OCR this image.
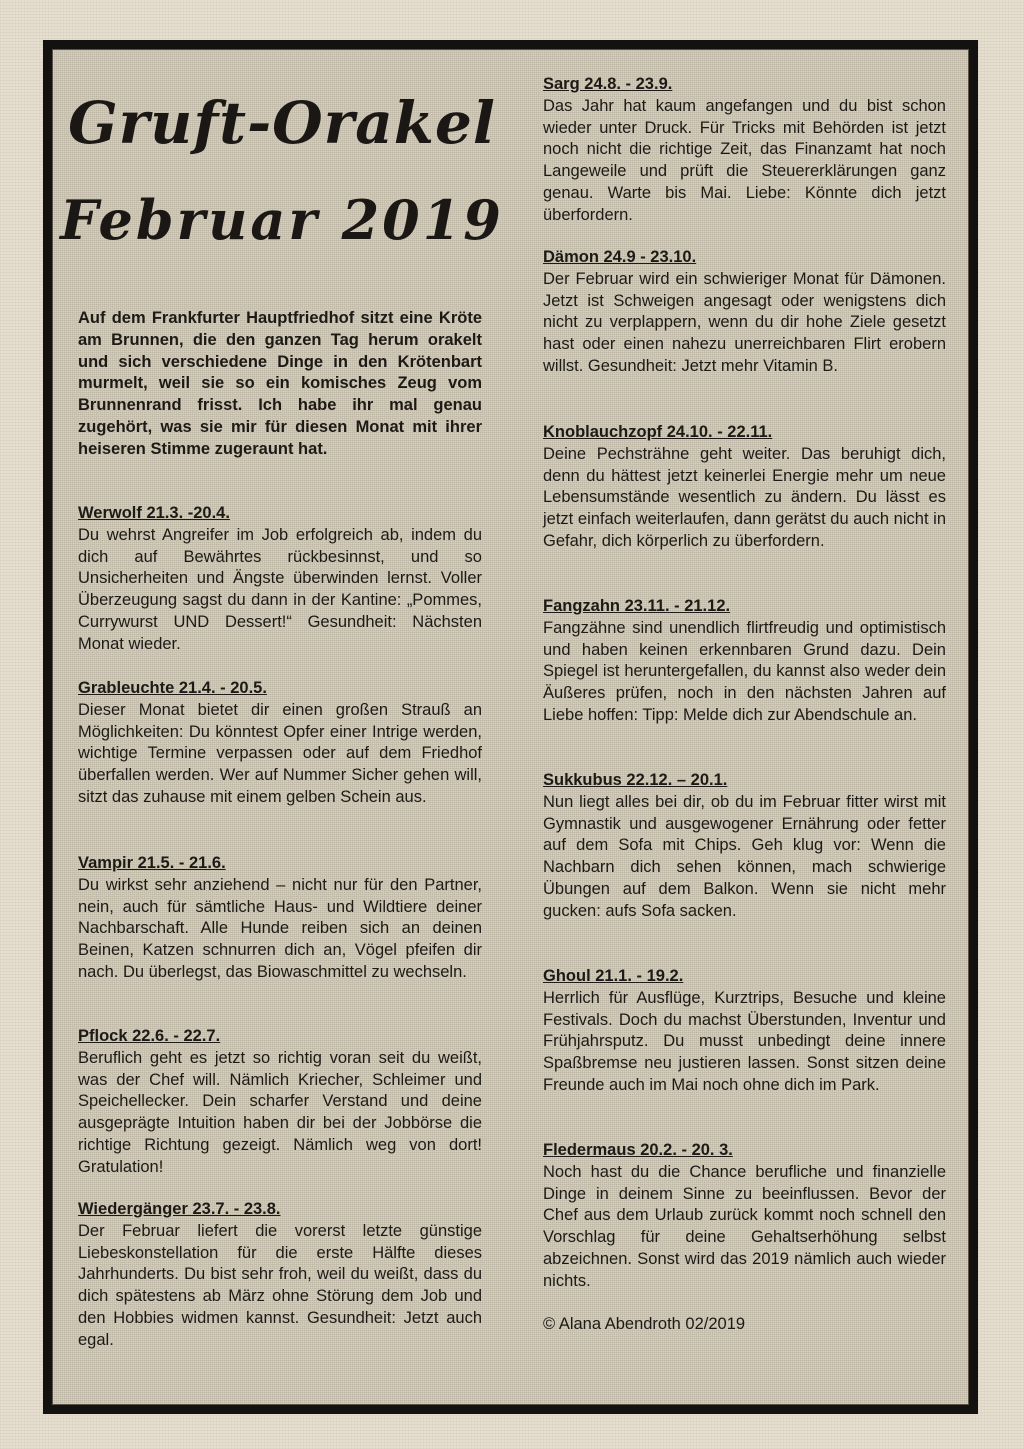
Gruft-Orakel
Februar 2019
Auf dem Frankfurter Hauptfriedhof sitzt eine Kröte am Brunnen, die den ganzen Tag herum orakelt und sich verschiedene Dinge in den Krötenbart murmelt, weil sie so ein komisches Zeug vom Brunnenrand frisst. Ich habe ihr mal genau zugehört, was sie mir für diesen Monat mit ihrer heiseren Stimme zugeraunt hat.
Werwolf 21.3. -20.4.
Du wehrst Angreifer im Job erfolgreich ab, indem du dich auf Bewährtes rückbesinnst, und so Unsicherheiten und Ängste überwinden lernst. Voller Überzeugung sagst du dann in der Kantine: „Pommes, Currywurst UND Dessert!“ Gesundheit: Nächsten Monat wieder.
Grableuchte 21.4. - 20.5.
Dieser Monat bietet dir einen großen Strauß an Möglichkeiten: Du könntest Opfer einer Intrige werden, wichtige Termine verpassen oder auf dem Friedhof überfallen werden. Wer auf Nummer Sicher gehen will, sitzt das zuhause mit einem gelben Schein aus.
Vampir 21.5. - 21.6.
Du wirkst sehr anziehend – nicht nur für den Partner, nein, auch für sämtliche Haus- und Wildtiere deiner Nachbarschaft. Alle Hunde reiben sich an deinen Beinen, Katzen schnurren dich an, Vögel pfeifen dir nach. Du überlegst, das Biowaschmittel zu wechseln.
Pflock 22.6. - 22.7.
Beruflich geht es jetzt so richtig voran seit du weißt, was der Chef will. Nämlich Kriecher, Schleimer und Speichellecker. Dein scharfer Verstand und deine ausgeprägte Intuition haben dir bei der Jobbörse die richtige Richtung gezeigt. Nämlich weg von dort! Gratulation!
Wiedergänger 23.7. - 23.8.
Der Februar liefert die vorerst letzte günstige Liebeskonstellation für die erste Hälfte dieses Jahrhunderts. Du bist sehr froh, weil du weißt, dass du dich spätestens ab März ohne Störung dem Job und den Hobbies widmen kannst. Gesundheit: Jetzt auch egal.
Sarg 24.8. - 23.9.
Das Jahr hat kaum angefangen und du bist schon wieder unter Druck. Für Tricks mit Behörden ist jetzt noch nicht die richtige Zeit, das Finanzamt hat noch Langeweile und prüft die Steuererklärungen ganz genau. Warte bis Mai. Liebe: Könnte dich jetzt überfordern.
Dämon 24.9 - 23.10.
Der Februar wird ein schwieriger Monat für Dämonen. Jetzt ist Schweigen angesagt oder wenigstens dich nicht zu verplappern, wenn du dir hohe Ziele gesetzt hast oder einen nahezu unerreichbaren Flirt erobern willst. Gesundheit: Jetzt mehr Vitamin B.
Knoblauchzopf 24.10. - 22.11.
Deine Pechsträhne geht weiter. Das beruhigt dich, denn du hättest jetzt keinerlei Energie mehr um neue Lebensumstände wesentlich zu ändern. Du lässt es jetzt einfach weiterlaufen, dann gerätst du auch nicht in Gefahr, dich körperlich zu überfordern.
Fangzahn 23.11. - 21.12.
Fangzähne sind unendlich flirtfreudig und optimistisch und haben keinen erkennbaren Grund dazu. Dein Spiegel ist heruntergefallen, du kannst also weder dein Äußeres prüfen, noch in den nächsten Jahren auf Liebe hoffen: Tipp: Melde dich zur Abendschule an.
Sukkubus 22.12. – 20.1.
Nun liegt alles bei dir, ob du im Februar fitter wirst mit Gymnastik und ausgewogener Ernährung oder fetter auf dem Sofa mit Chips. Geh klug vor: Wenn die Nachbarn dich sehen können, mach schwierige Übungen auf dem Balkon. Wenn sie nicht mehr gucken: aufs Sofa sacken.
Ghoul 21.1. - 19.2.
Herrlich für Ausflüge, Kurztrips, Besuche und kleine Festivals. Doch du machst Überstunden, Inventur und Frühjahrsputz. Du musst unbedingt deine innere Spaßbremse neu justieren lassen. Sonst sitzen deine Freunde auch im Mai noch ohne dich im Park.
Fledermaus 20.2. - 20. 3.
Noch hast du die Chance berufliche und finanzielle Dinge in deinem Sinne zu beeinflussen. Bevor der Chef aus dem Urlaub zurück kommt noch schnell den Vorschlag für deine Gehaltserhöhung selbst abzeichnen. Sonst wird das 2019 nämlich auch wieder nichts.
© Alana Abendroth 02/2019
